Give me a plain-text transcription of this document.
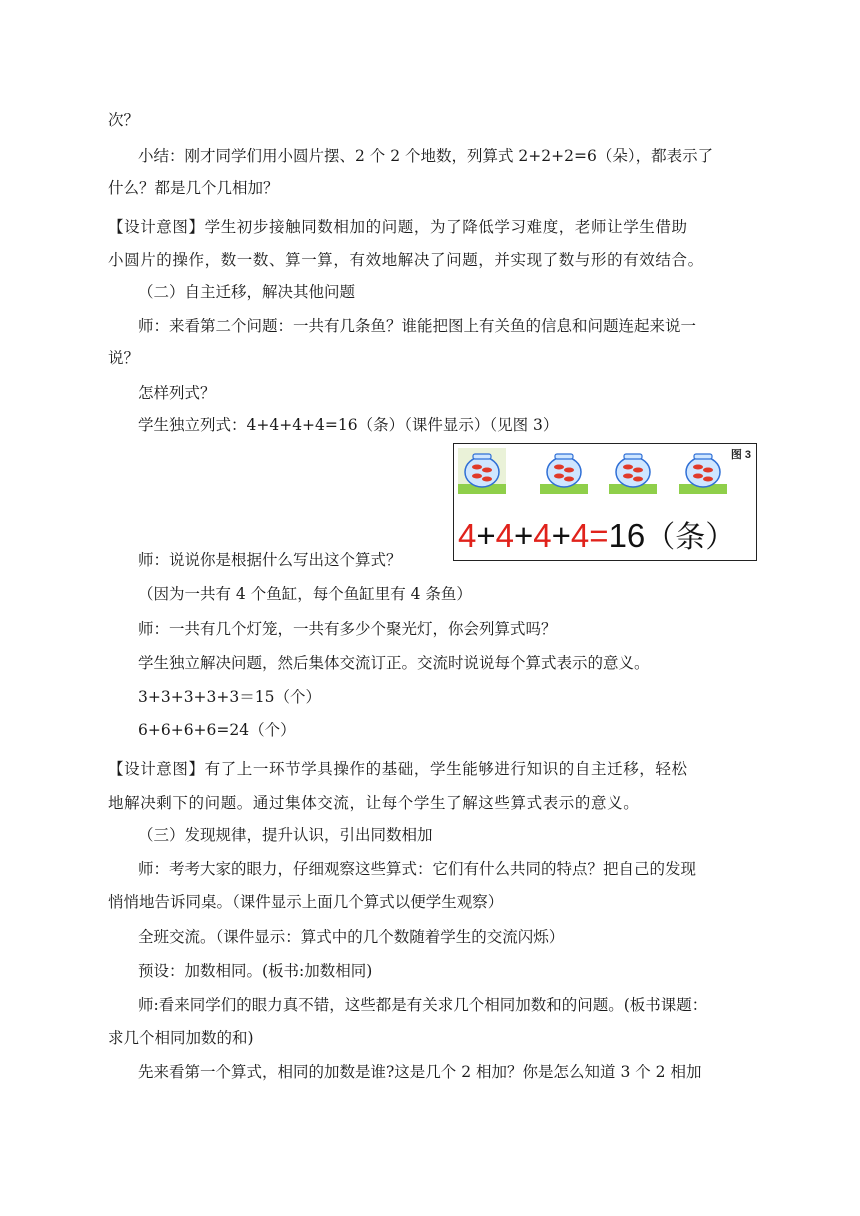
次？
小结：刚才同学们用小圆片摆、2 个 2 个地数，列算式 2+2+2=6（朵），都表示了
什么？都是几个几相加？
【设计意图】学生初步接触同数相加的问题，为了降低学习难度，老师让学生借助
小圆片的操作，数一数、算一算，有效地解决了问题，并实现了数与形的有效结合。
（二）自主迁移，解决其他问题
师：来看第二个问题：一共有几条鱼？谁能把图上有关鱼的信息和问题连起来说一
说？
怎样列式？
学生独立列式：4+4+4+4=16（条）（课件显示）（见图 3）
师：说说你是根据什么写出这个算式？
（因为一共有 4 个鱼缸，每个鱼缸里有 4 条鱼）
师：一共有几个灯笼，一共有多少个聚光灯，你会列算式吗？
学生独立解决问题，然后集体交流订正。交流时说说每个算式表示的意义。
3+3+3+3+3＝15（个）
6+6+6+6=24（个）
【设计意图】有了上一环节学具操作的基础，学生能够进行知识的自主迁移，轻松
地解决剩下的问题。通过集体交流，让每个学生了解这些算式表示的意义。
（三）发现规律，提升认识，引出同数相加
师：考考大家的眼力，仔细观察这些算式：它们有什么共同的特点？把自己的发现
悄悄地告诉同桌。（课件显示上面几个算式以便学生观察）
全班交流。（课件显示：算式中的几个数随着学生的交流闪烁）
预设：加数相同。(板书:加数相同)
师:看来同学们的眼力真不错，这些都是有关求几个相同加数和的问题。(板书课题：
求几个相同加数的和)
先来看第一个算式，相同的加数是谁?这是几个 2 相加？你是怎么知道 3 个 2 相加
图 3
4+4+4+4=16（条）
